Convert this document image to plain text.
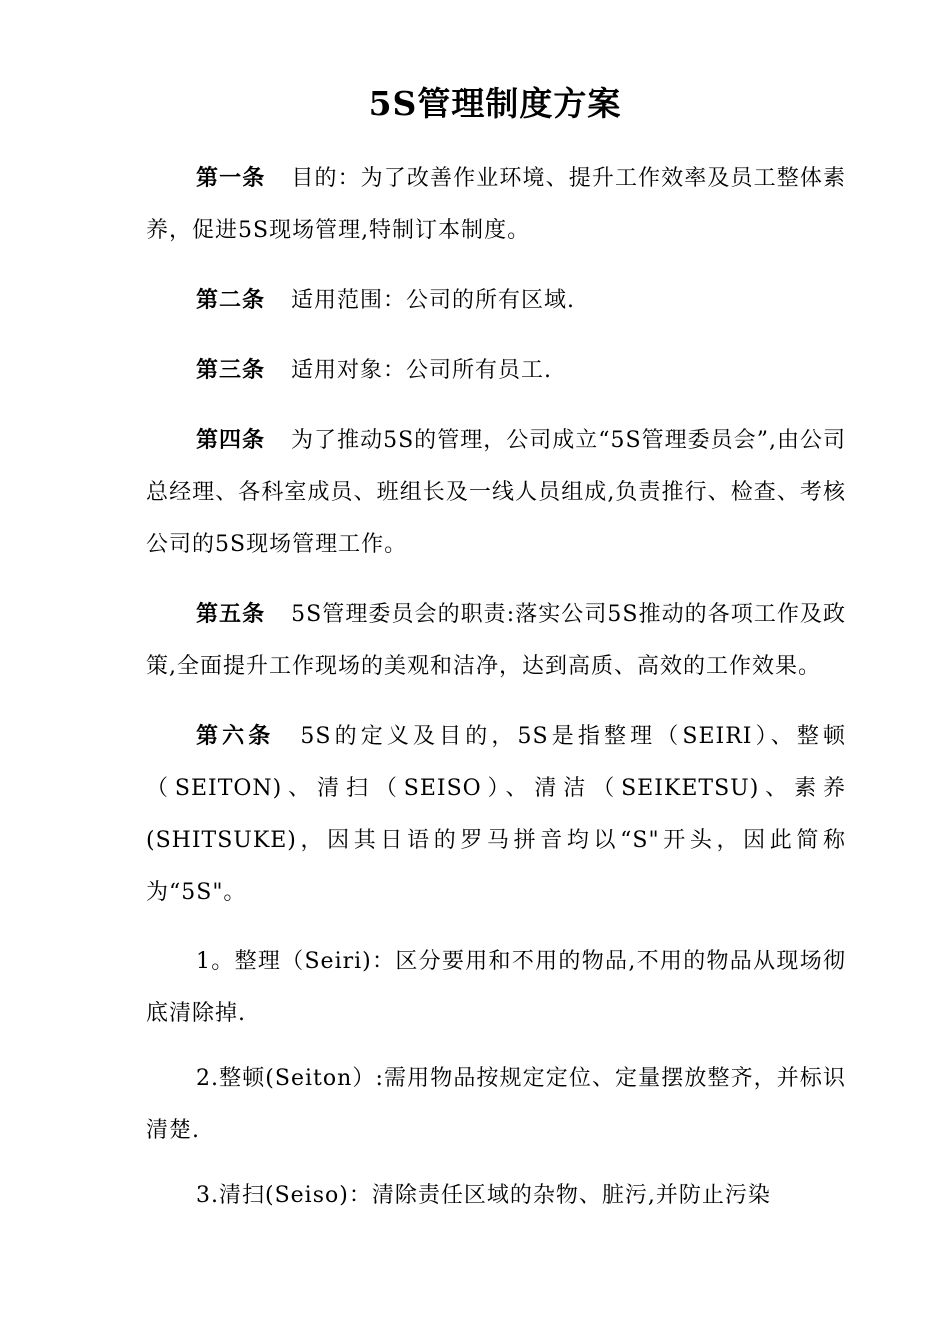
5S管理制度方案

第一条 目的：为了改善作业环境、提升工作效率及员工整体素养，促进5S现场管理,特制订本制度。

第二条 适用范围：公司的所有区域.

第三条 适用对象：公司所有员工.

第四条 为了推动5S的管理，公司成立“5S管理委员会”,由公司总经理、各科室成员、班组长及一线人员组成,负责推行、检查、考核公司的5S现场管理工作。

第五条 5S管理委员会的职责:落实公司5S推动的各项工作及政策,全面提升工作现场的美观和洁净，达到高质、高效的工作效果。

第六条 5S的定义及目的，5S是指整理（SEIRI）、整顿（SEITON)、清扫（SEISO）、清洁（SEIKETSU)、素养(SHITSUKE)，因其日语的罗马拼音均以“S"开头，因此简称为“5S"。

1。整理（Seiri)：区分要用和不用的物品,不用的物品从现场彻底清除掉.

2.整顿(Seiton）:需用物品按规定定位、定量摆放整齐，并标识清楚.

3.清扫(Seiso)：清除责任区域的杂物、脏污,并防止污染
